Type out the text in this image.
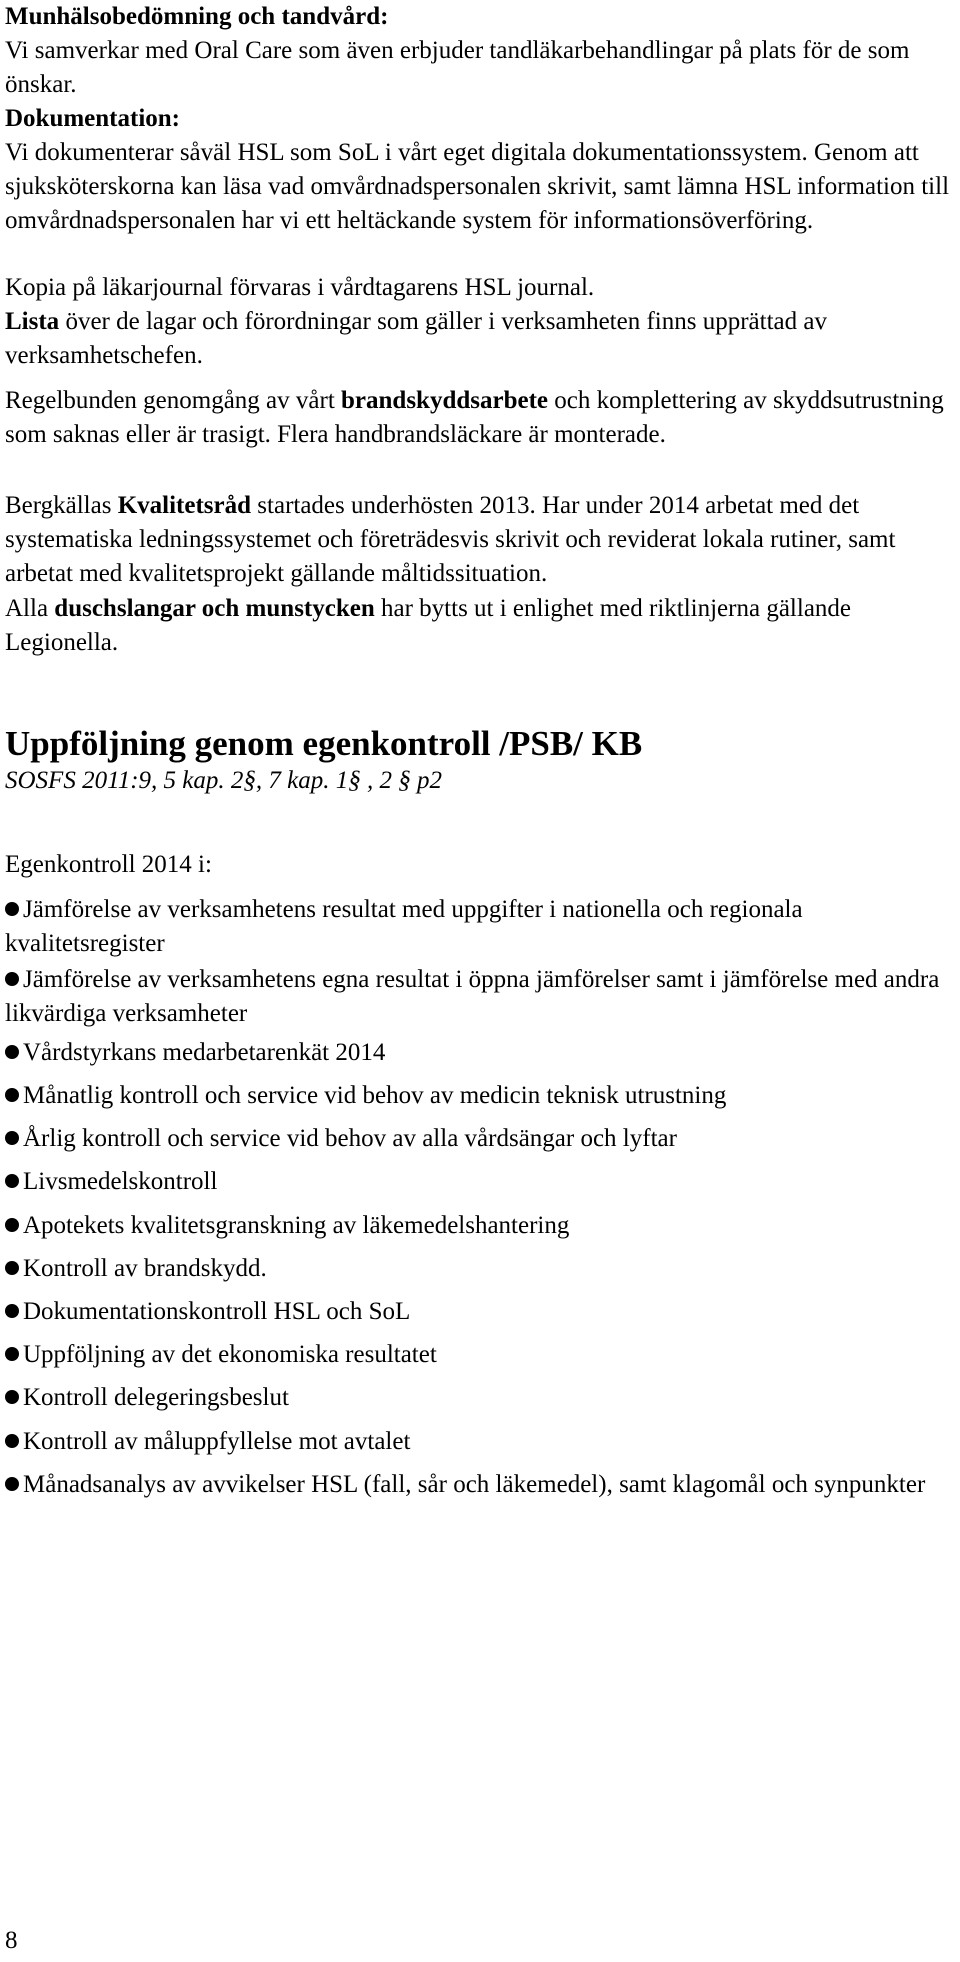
Munhälsobedömning och tandvård:
Vi samverkar med Oral Care som även erbjuder tandläkarbehandlingar på plats för de som önskar.
Dokumentation:
Vi dokumenterar såväl HSL som SoL i vårt eget digitala dokumentationssystem. Genom att sjuksköterskorna kan läsa vad omvårdnadspersonalen skrivit, samt lämna HSL information till omvårdnadspersonalen har vi ett heltäckande system för informationsöverföring.
Kopia på läkarjournal förvaras i vårdtagarens HSL journal.
Lista över de lagar och förordningar som gäller i verksamheten finns upprättad av verksamhetschefen.
Regelbunden genomgång av vårt brandskyddsarbete och komplettering av skyddsutrustning som saknas eller är trasigt. Flera handbrandsläckare är monterade.
Bergkällas Kvalitetsråd startades underhösten 2013. Har under 2014 arbetat med det systematiska ledningssystemet och företrädesvis skrivit och reviderat lokala rutiner, samt arbetat med kvalitetsprojekt gällande måltidssituation.
Alla duschslangar och munstycken har bytts ut i enlighet med riktlinjerna gällande Legionella.
Uppföljning genom egenkontroll /PSB/ KB
SOSFS 2011:9, 5 kap. 2§, 7 kap. 1§ , 2 § p2
Egenkontroll 2014 i:
Jämförelse av verksamhetens resultat med uppgifter i nationella och regionala kvalitetsregister
Jämförelse av verksamhetens egna resultat i öppna jämförelser samt i jämförelse med andra likvärdiga verksamheter
Vårdstyrkans medarbetarenkät 2014
Månatlig kontroll och service vid behov av medicin teknisk utrustning
Årlig kontroll och service vid behov av alla vårdsängar och lyftar
Livsmedelskontroll
Apotekets kvalitetsgranskning av läkemedelshantering
Kontroll av brandskydd.
Dokumentationskontroll HSL och SoL
Uppföljning av det ekonomiska resultatet
Kontroll delegeringsbeslut
Kontroll av måluppfyllelse mot avtalet
Månadsanalys av avvikelser HSL (fall, sår och läkemedel), samt klagomål och synpunkter
8
